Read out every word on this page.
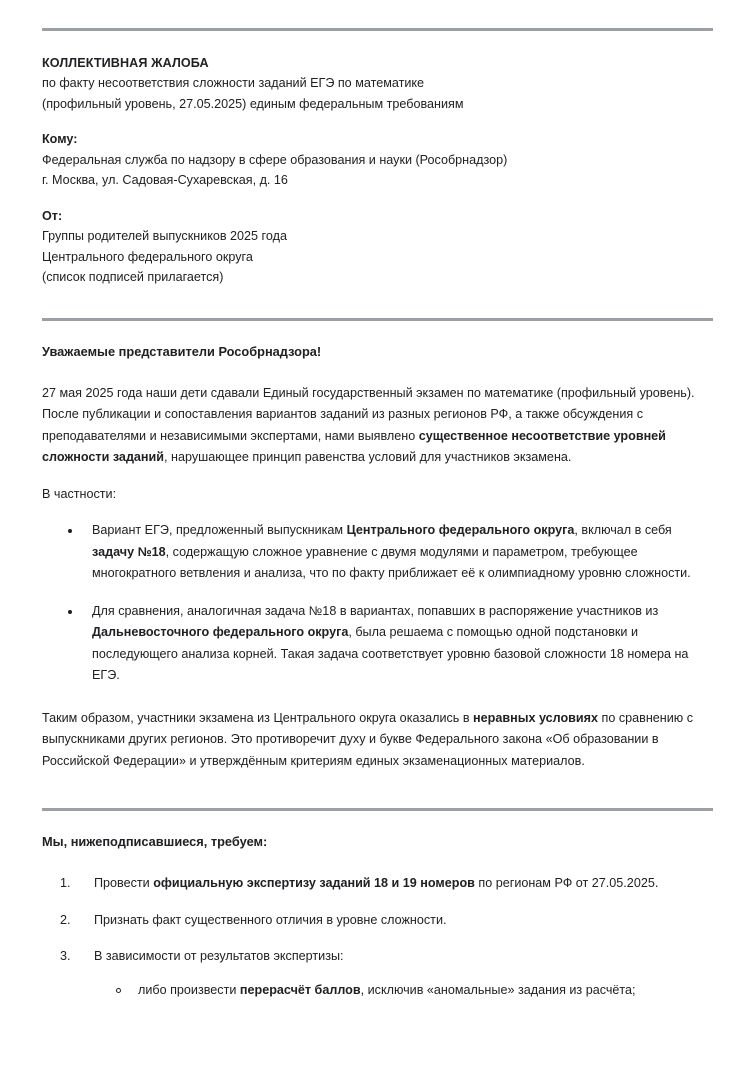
КОЛЛЕКТИВНАЯ ЖАЛОБА
по факту несоответствия сложности заданий ЕГЭ по математике
(профильный уровень, 27.05.2025) единым федеральным требованиям
Кому:
Федеральная служба по надзору в сфере образования и науки (Рособрнадзор)
г. Москва, ул. Садовая-Сухаревская, д. 16
От:
Группы родителей выпускников 2025 года
Центрального федерального округа
(список подписей прилагается)
Уважаемые представители Рособрнадзора!

27 мая 2025 года наши дети сдавали Единый государственный экзамен по математике (профильный уровень). После публикации и сопоставления вариантов заданий из разных регионов РФ, а также обсуждения с преподавателями и независимыми экспертами, нами выявлено существенное несоответствие уровней сложности заданий, нарушающее принцип равенства условий для участников экзамена.

В частности:

Вариант ЕГЭ, предложенный выпускникам Центрального федерального округа, включал в себя задачу №18, содержащую сложное уравнение с двумя модулями и параметром, требующее многократного ветвления и анализа, что по факту приближает её к олимпиадному уровню сложности.
Для сравнения, аналогичная задача №18 в вариантах, попавших в распоряжение участников из Дальневосточного федерального округа, была решаема с помощью одной подстановки и последующего анализа корней. Такая задача соответствует уровню базовой сложности 18 номера на ЕГЭ.

Таким образом, участники экзамена из Центрального округа оказались в неравных условиях по сравнению с выпускниками других регионов. Это противоречит духу и букве Федерального закона «Об образовании в Российской Федерации» и утверждённым критериям единых экзаменационных материалов.

Мы, нижеподписавшиеся, требуем:
Провести официальную экспертизу заданий 18 и 19 номеров по регионам РФ от 27.05.2025.
Признать факт существенного отличия в уровне сложности.
В зависимости от результатов экспертизы:
либо произвести перерасчёт баллов, исключив «аномальные» задания из расчёта;
